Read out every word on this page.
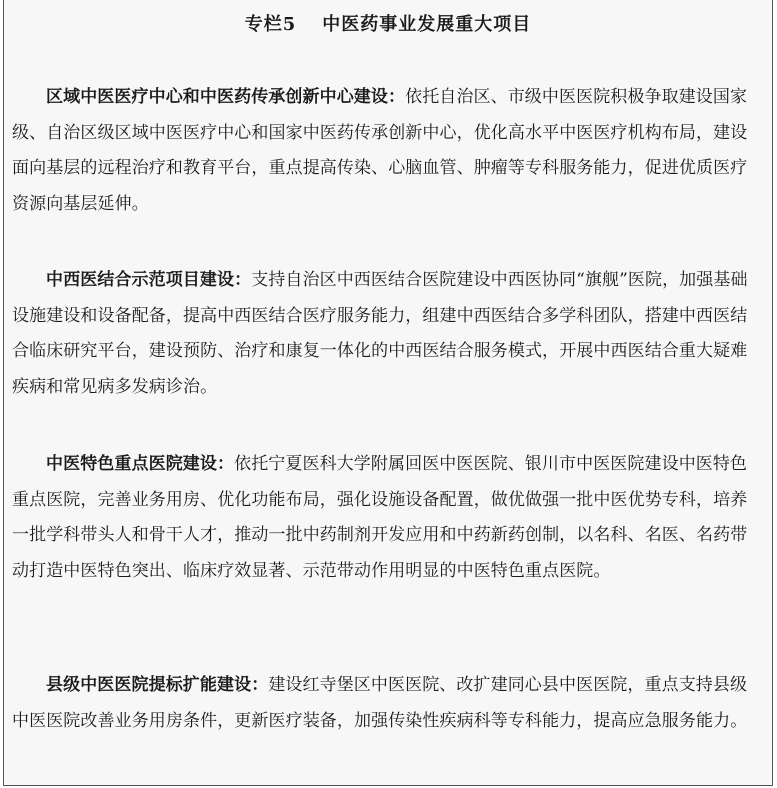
专栏5 中医药事业发展重大项目

区域中医医疗中心和中医药传承创新中心建设：依托自治区、市级中医医院积极争取建设国家级、自治区级区域中医医疗中心和国家中医药传承创新中心，优化高水平中医医疗机构布局，建设面向基层的远程治疗和教育平台，重点提高传染、心脑血管、肿瘤等专科服务能力，促进优质医疗资源向基层延伸。

中西医结合示范项目建设：支持自治区中西医结合医院建设中西医协同“旗舰”医院，加强基础设施建设和设备配备，提高中西医结合医疗服务能力，组建中西医结合多学科团队，搭建中西医结合临床研究平台，建设预防、治疗和康复一体化的中西医结合服务模式，开展中西医结合重大疑难疾病和常见病多发病诊治。

中医特色重点医院建设：依托宁夏医科大学附属回医中医医院、银川市中医医院建设中医特色重点医院，完善业务用房、优化功能布局，强化设施设备配置，做优做强一批中医优势专科，培养一批学科带头人和骨干人才，推动一批中药制剂开发应用和中药新药创制，以名科、名医、名药带动打造中医特色突出、临床疗效显著、示范带动作用明显的中医特色重点医院。

县级中医医院提标扩能建设：建设红寺堡区中医医院、改扩建同心县中医医院，重点支持县级中医医院改善业务用房条件，更新医疗装备，加强传染性疾病科等专科能力，提高应急服务能力。
